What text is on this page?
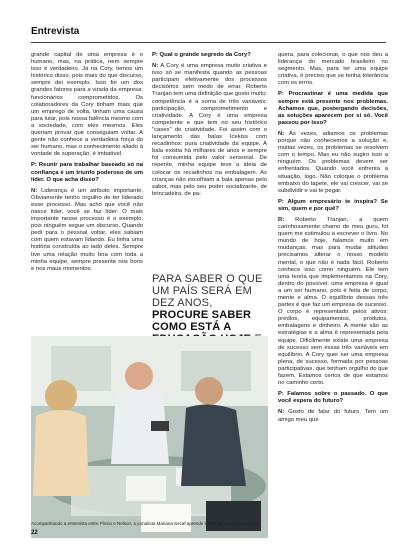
Entrevista

grande capital de uma empresa é o humano, mas, na prática, nem sempre isso é verdadeiro. Já na Cory, temos um histórico disso, pois mais do que discurso, sempre dei exemplo. Isso foi um dos grandes fatores para a virada da empresa: funcionários comprometidos. Os colaboradores da Cory tinham mais que um emprego de volta, tinham uma causa para lutar, pois nossa falência mesmo com a sociedade, com eles mesmos. Eles queriam provar que conseguiam voltar. A gente não conhece a verdadeira força do ser humano, mas o conhecimento aliado à vontade de superação, é imbatível.

P: Reunir para trabalhar baseado só na confiança é um triunfo poderoso de um líder. O que acha disso?

N: Liderança é um atributo importante. Obviamente tenho orgulho de ter liderado esse processo. Mas acho que você não nasce líder, você se faz líder. O mais importante nesse processo é o exemplo, pois ninguém segue um discurso. Quando pedi para o pessoal voltar, eles sabiam com quem estavam lidando. Eu tinha uma história construída ao lado deles. Sempre tive uma relação muito boa com toda a minha equipe, sempre presente nos bons e nos maus momentos.

P: Qual o grande segredo da Cory?

N: A Cory é uma empresa muito criativa e isso só se manifesta quando as pessoas participam efetivamente dos processos decisórios sem medo de errar. Roberto Tranjan tem uma definição que gosto muito: competência é a soma de três variáveis: participação, comprometimento e criatividade. A Cory é uma empresa competente e que tem no seu histórico "cases" de criatividade. Foi assim com o lançamento das balas Icekiss com recadinhos: pura criatividade da equipe. A bala existia há milhares de anos e sempre foi consumida pelo valor sensorial. De repente, minha equipe teve a ideia de colocar os recadinhos na embalagem. As crianças não escolhiam a bala apenas pelo sabor, mas pelo seu poder socializante, de brincadeira, de pa-

quera, para colecionar, o que nos deu a liderança do mercado brasileiro no segmento. Mas, para ter uma equipe criativa, é preciso que se tenha tolerância com os erros.

P: Procrastinar é uma medida que sempre está presente nos problemas. Achamos que, postergando decisões, as soluções aparecem por si só. Você passou por isso?

N: Às vezes, adiamos os problemas porque não conhecemos a solução e, muitas vezes, os problemas se resolvem com o tempo. Mas eu não sugiro isso a ninguém. Os problemas devem ser enfrentados. Quando você enfrenta a situação, logo. Não coloque o problema embaixo do tapete, ele vai crescer, vai se subdividir e vai te pegar.

P: Algum empresário te inspira? Se sim, quem e por quê?

R: Roberto Tranjan, a quem carinhosamente chamo de meu guru, foi quem me estimulou a escrever o livro. No mundo de hoje, falamos muito em mudanças, mas para mudar atitudes precisamos alterar o nosso modelo mental, o que não é nada fácil. Roberto conhece isso como ninguém. Ele tem uma teoria que implementamos na Cory, dentro do possível: uma empresa é igual a um ser humano, pois é feita de corpo, mente e alma. O equilíbrio dessas três partes é que faz um empresa de sucesso. O corpo é representado pelos ativos: prédios, equipamentos, produtos, embalagens e dinheiro. A mente são as estratégias e a alma é representada pela equipe. Dificilmente existe uma empresa de sucesso sem essas três variáveis em equilíbrio. A Cory quer ser uma empresa plena, de sucesso, formada por pessoas participativas, que tenham orgulho do que fazem. Estamos certos de que estamos no caminho certo.

P: Falamos sobre o passado. O que você espera do futuro?

N: Gosto de falar do futuro. Tem um amigo meu que

PARA SABER O QUE UM PAÍS SERÁ EM DEZ ANOS, PROCURE SABER COMO ESTÁ A
Acompanhando a entrevista entre Píssio e Nelson, a jornalista Mariana Secaf aprende lições de vida e superação
22
